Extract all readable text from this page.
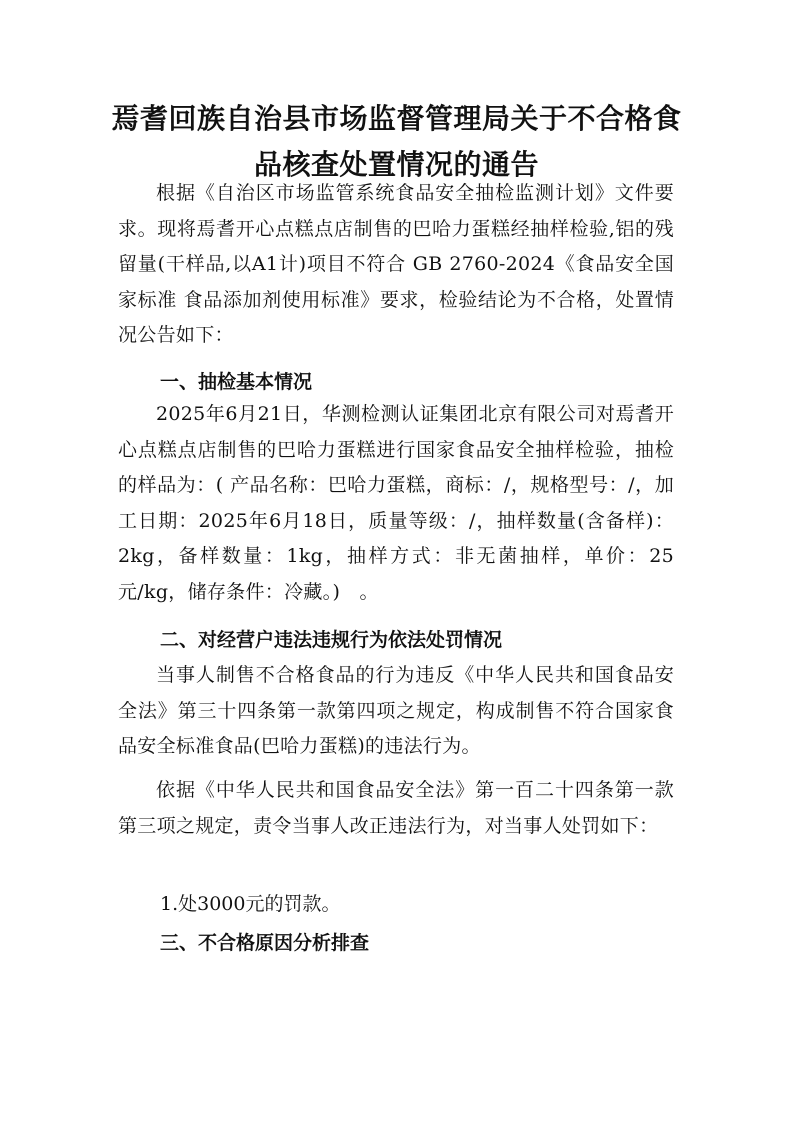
焉耆回族自治县市场监督管理局关于不合格食
品核查处置情况的通告
根据《自治区市场监管系统食品安全抽检监测计划》文件要求。现将焉耆开心点糕点店制售的巴哈力蛋糕经抽样检验,铝的残留量(干样品,以A1计)项目不符合 GB 2760-2024《食品安全国家标准 食品添加剂使用标准》要求，检验结论为不合格，处置情况公告如下：
一、抽检基本情况
2025年6月21日，华测检测认证集团北京有限公司对焉耆开心点糕点店制售的巴哈力蛋糕进行国家食品安全抽样检验，抽检的样品为：( 产品名称：巴哈力蛋糕，商标：/，规格型号：/，加工日期：2025年6月18日，质量等级：/，抽样数量(含备样)：2kg，备样数量：1kg，抽样方式：非无菌抽样，单价：25元/kg，储存条件：冷藏。)　。
二、对经营户违法违规行为依法处罚情况
当事人制售不合格食品的行为违反《中华人民共和国食品安全法》第三十四条第一款第四项之规定，构成制售不符合国家食品安全标准食品(巴哈力蛋糕)的违法行为。
依据《中华人民共和国食品安全法》第一百二十四条第一款第三项之规定，责令当事人改正违法行为，对当事人处罚如下：
1.处3000元的罚款。
三、不合格原因分析排查
